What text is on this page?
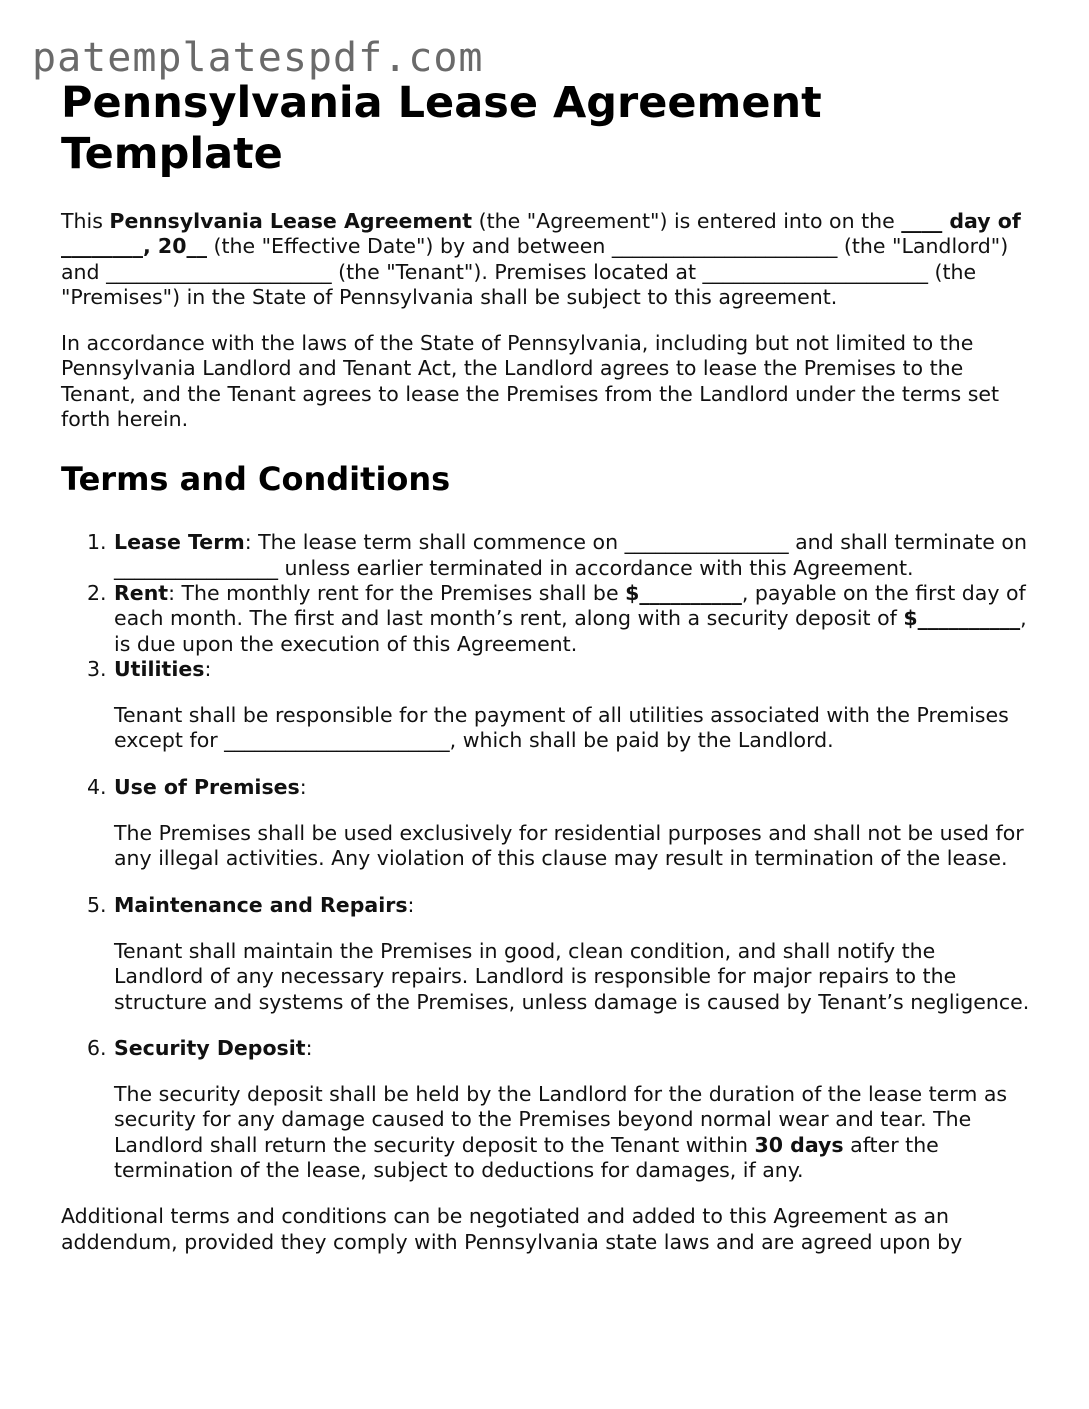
patemplatespdf.com
Pennsylvania Lease Agreement Template

This Pennsylvania Lease Agreement (the "Agreement") is entered into on the ____ day of ________, 20__ (the "Effective Date") by and between ______________________ (the "Landlord") and ______________________ (the "Tenant"). Premises located at ______________________ (the "Premises") in the State of Pennsylvania shall be subject to this agreement.

In accordance with the laws of the State of Pennsylvania, including but not limited to the Pennsylvania Landlord and Tenant Act, the Landlord agrees to lease the Premises to the Tenant, and the Tenant agrees to lease the Premises from the Landlord under the terms set forth herein.

Terms and Conditions
1. Lease Term: The lease term shall commence on ________________ and shall terminate on ________________ unless earlier terminated in accordance with this Agreement.
2. Rent: The monthly rent for the Premises shall be $__________, payable on the first day of each month. The first and last month’s rent, along with a security deposit of $__________, is due upon the execution of this Agreement.
3. Utilities:

Tenant shall be responsible for the payment of all utilities associated with the Premises except for ______________________, which shall be paid by the Landlord.

4. Use of Premises:

The Premises shall be used exclusively for residential purposes and shall not be used for any illegal activities. Any violation of this clause may result in termination of the lease.

5. Maintenance and Repairs:

Tenant shall maintain the Premises in good, clean condition, and shall notify the Landlord of any necessary repairs. Landlord is responsible for major repairs to the structure and systems of the Premises, unless damage is caused by Tenant’s negligence.

6. Security Deposit:

The security deposit shall be held by the Landlord for the duration of the lease term as security for any damage caused to the Premises beyond normal wear and tear. The Landlord shall return the security deposit to the Tenant within 30 days after the termination of the lease, subject to deductions for damages, if any.

Additional terms and conditions can be negotiated and added to this Agreement as an addendum, provided they comply with Pennsylvania state laws and are agreed upon by
